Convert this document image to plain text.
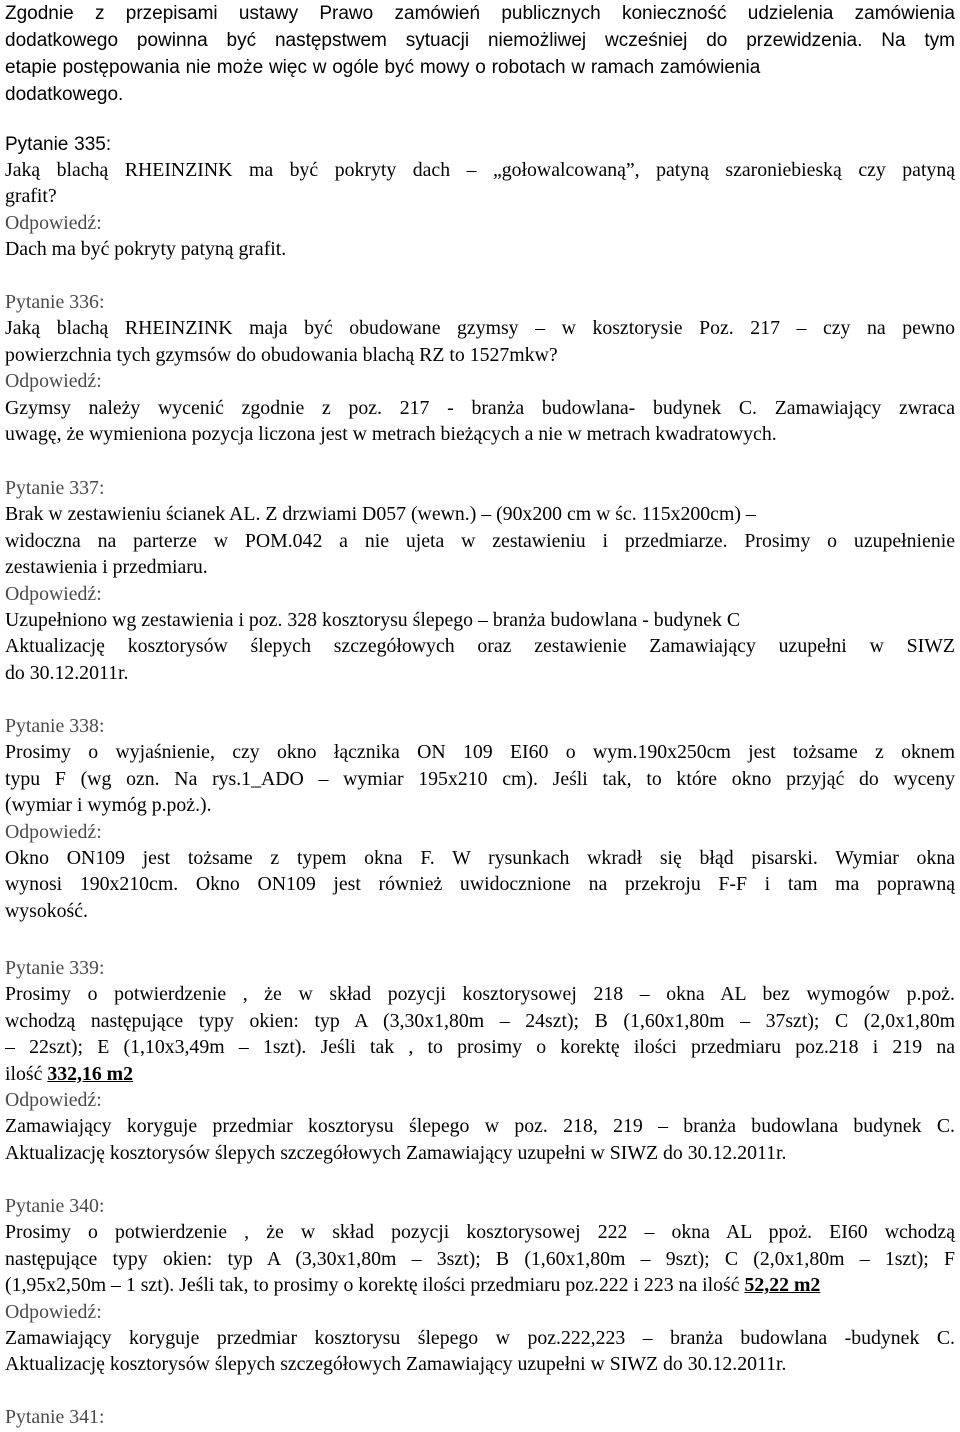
Zgodnie z przepisami ustawy Prawo zamówień publicznych konieczność udzielenia zamówienia
dodatkowego powinna być następstwem sytuacji niemożliwej wcześniej do przewidzenia. Na tym
etapie postępowania nie może więc w ogóle być mowy o robotach w ramach zamówienia
dodatkowego.
Pytanie 335:
Jaką blachą RHEINZINK ma być pokryty dach – „gołowalcowaną”, patyną szaroniebieską czy patyną
grafit?
Odpowiedź:
Dach ma być pokryty patyną grafit.
Pytanie 336:
Jaką blachą RHEINZINK maja być obudowane gzymsy – w kosztorysie Poz. 217 – czy na pewno
powierzchnia tych gzymsów do obudowania blachą RZ to 1527mkw?
Odpowiedź:
Gzymsy należy wycenić zgodnie z poz. 217 - branża budowlana- budynek C. Zamawiający zwraca
uwagę, że wymieniona pozycja liczona jest w metrach bieżących a nie w metrach kwadratowych.
Pytanie 337:
Brak w zestawieniu ścianek AL. Z drzwiami D057 (wewn.) – (90x200 cm w śc. 115x200cm) –
widoczna na parterze w POM.042 a nie ujeta w zestawieniu i przedmiarze. Prosimy o uzupełnienie
zestawienia i przedmiaru.
Odpowiedź:
Uzupełniono wg zestawienia i poz. 328 kosztorysu ślepego – branża budowlana - budynek C
Aktualizację kosztorysów ślepych szczegółowych oraz zestawienie Zamawiający uzupełni w SIWZ
do 30.12.2011r.
Pytanie 338:
Prosimy o wyjaśnienie, czy okno łącznika ON 109 EI60 o wym.190x250cm jest tożsame z oknem
typu F (wg ozn. Na rys.1_ADO – wymiar 195x210 cm). Jeśli tak, to które okno przyjąć do wyceny
(wymiar i wymóg p.poż.).
Odpowiedź:
Okno ON109 jest tożsame z typem okna F. W rysunkach wkradł się błąd pisarski. Wymiar okna
wynosi 190x210cm. Okno ON109 jest również uwidocznione na przekroju F-F i tam ma poprawną
wysokość.
Pytanie 339:
Prosimy o potwierdzenie , że w skład pozycji kosztorysowej 218 – okna AL bez wymogów p.poż.
wchodzą następujące typy okien: typ A (3,30x1,80m – 24szt); B (1,60x1,80m – 37szt); C (2,0x1,80m
– 22szt); E (1,10x3,49m – 1szt). Jeśli tak , to prosimy o korektę ilości przedmiaru poz.218 i 219 na
ilość 332,16 m2
Odpowiedź:
Zamawiający koryguje przedmiar kosztorysu ślepego w poz. 218, 219 – branża budowlana budynek C.
Aktualizację kosztorysów ślepych szczegółowych Zamawiający uzupełni w SIWZ do 30.12.2011r.
Pytanie 340:
Prosimy o potwierdzenie , że w skład pozycji kosztorysowej 222 – okna AL ppoż. EI60 wchodzą
następujące typy okien: typ A (3,30x1,80m – 3szt); B (1,60x1,80m – 9szt); C (2,0x1,80m – 1szt); F
(1,95x2,50m – 1 szt). Jeśli tak, to prosimy o korektę ilości przedmiaru poz.222 i 223 na ilość 52,22 m2
Odpowiedź:
Zamawiający koryguje przedmiar kosztorysu ślepego w poz.222,223 – branża budowlana -budynek C.
Aktualizację kosztorysów ślepych szczegółowych Zamawiający uzupełni w SIWZ do 30.12.2011r.
Pytanie 341:
